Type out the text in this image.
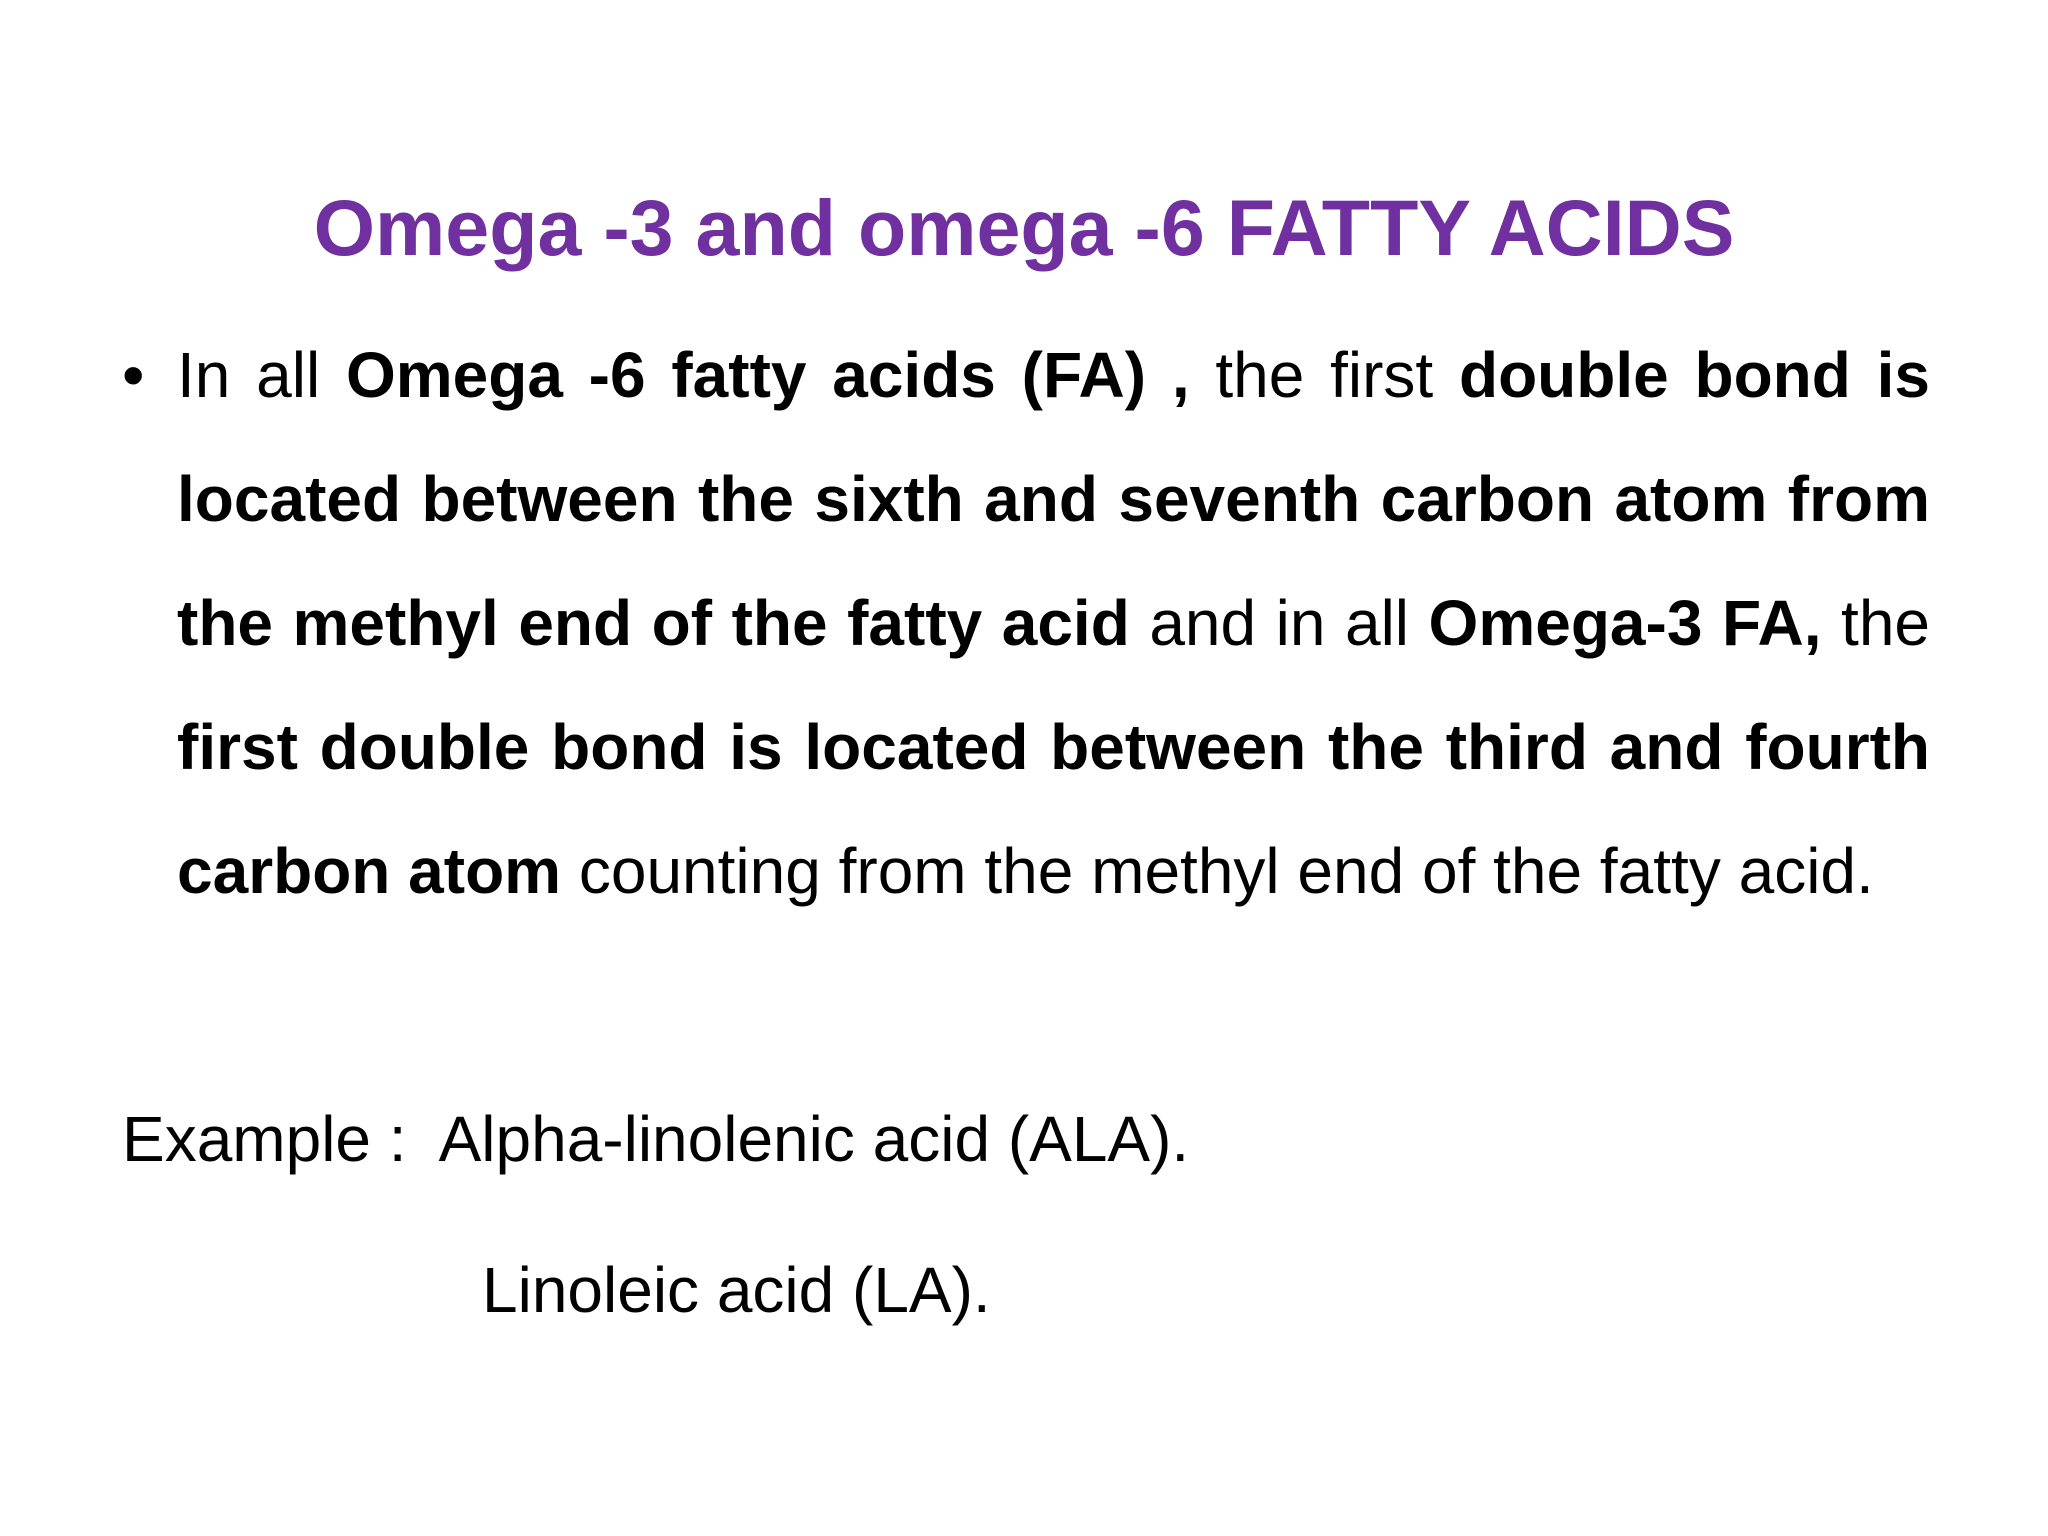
Omega -3 and omega -6 FATTY ACIDS
• In all Omega -6 fatty acids (FA) , the first double bond is located between the sixth and seventh carbon atom from the methyl end of the fatty acid and in all Omega-3 FA, the first double bond is located between the third and fourth carbon atom counting from the methyl end of the fatty acid.
Example :  Alpha-linolenic acid (ALA).
Linoleic acid (LA).
